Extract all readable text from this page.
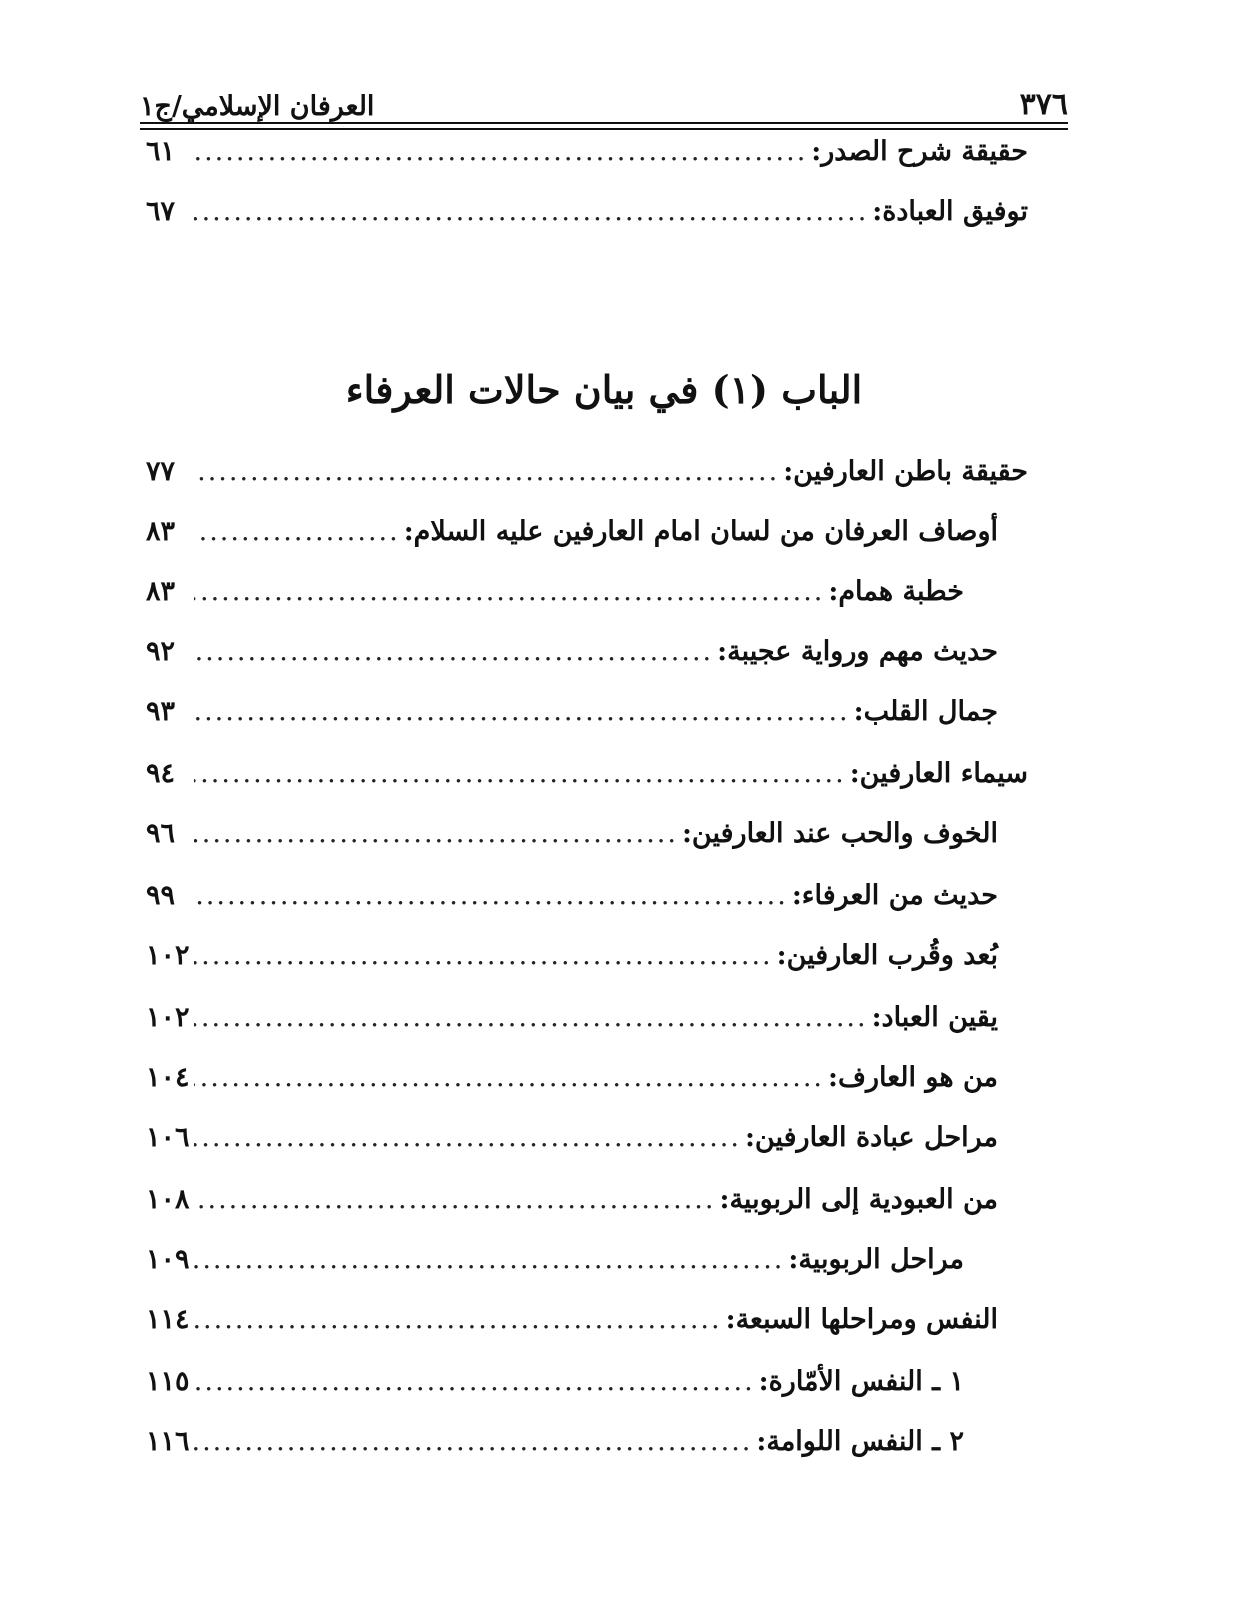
٣٧٦
العرفان الإسلامي/ج١
حقيقة شرح الصدر:
.....
٦١
توفيق العبادة:
.....
٦٧
الباب (١) في بيان حالات العرفاء
حقيقة باطن العارفين:
.....
٧٧
أوصاف العرفان من لسان امام العارفين عليه السلام:
.....
٨٣
خطبة همام:
.....
٨٣
حديث مهم ورواية عجيبة:
.....
٩٢
جمال القلب:
.....
٩٣
سيماء العارفين:
.....
٩٤
الخوف والحب عند العارفين:
.....
٩٦
حديث من العرفاء:
.....
٩٩
بُعد وقُرب العارفين:
.....
١٠٢
يقين العباد:
.....
١٠٢
من هو العارف:
.....
١٠٤
مراحل عبادة العارفين:
.....
١٠٦
من العبودية إلى الربوبية:
.....
١٠٨
مراحل الربوبية:
.....
١٠٩
النفس ومراحلها السبعة:
.....
١١٤
١ ـ النفس الأمّارة:
.....
١١٥
٢ ـ النفس اللوامة:
.....
١١٦
